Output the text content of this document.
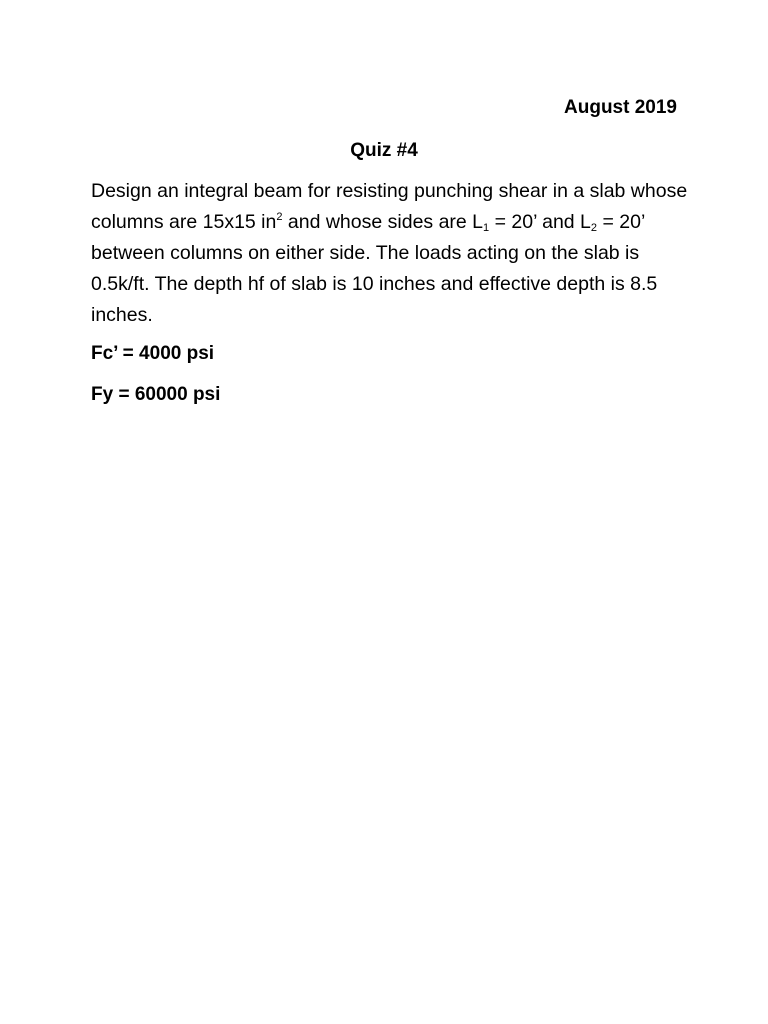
August 2019
Quiz #4

Design an integral beam for resisting punching shear in a slab whose columns are 15x15 $in^2$ and whose sides are $L_1 = 20$’ and $L_2 = 20$’ between columns on either side. The loads acting on the slab is 0.5k/ft. The depth hf of slab is 10 inches and effective depth is 8.5 inches.

Fc’ = 4000 psi
Fy = 60000 psi
